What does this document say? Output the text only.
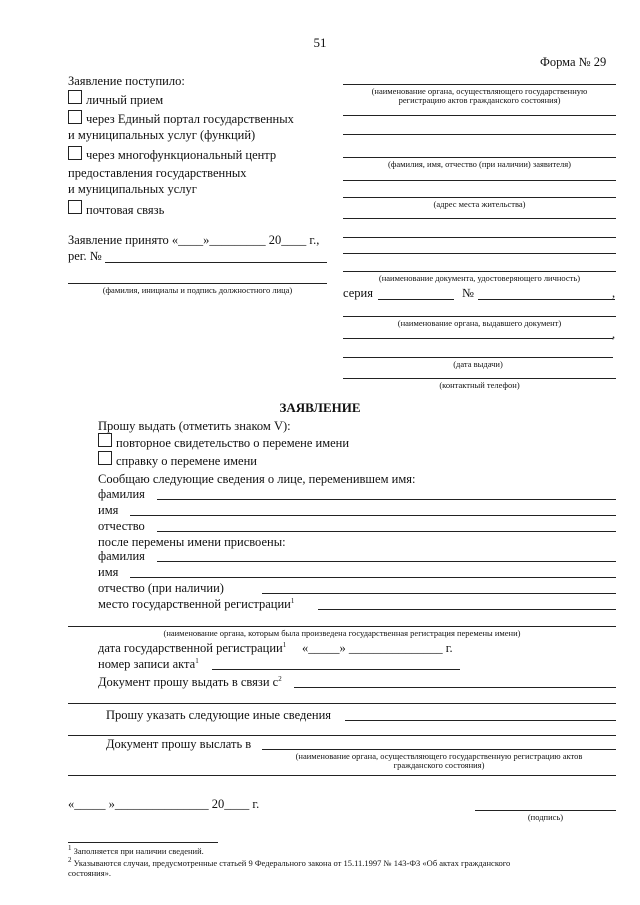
51
Форма № 29
Заявление поступило:
личный прием
через Единый портал государственных
и муниципальных услуг (функций)
через многофункциональный центр
предоставления государственных
и муниципальных услуг
почтовая связь
Заявление принято «____»_________ 20____ г.,
рег. №
(фамилия, инициалы и подпись должностного лица)
(наименование органа, осуществляющего государственную
регистрацию актов гражданского состояния)
(фамилия, имя, отчество (при наличии) заявителя)
(адрес места жительства)
(наименование документа, удостоверяющего личность)
серия	№	,
(наименование органа, выдавшего документ)
,
(дата выдачи)
(контактный телефон)
ЗАЯВЛЕНИЕ
Прошу выдать (отметить знаком V):
повторное свидетельство о перемене имени
справку о перемене имени
Сообщаю следующие сведения о лице, переменившем имя:
фамилия
имя
отчество
после перемены имени присвоены:
фамилия
имя
отчество (при наличии)
место государственной регистрации$^1$
(наименование органа, которым была произведена государственная регистрация перемены имени)
дата государственной регистрации$^1$ «_____» _______________ г.
номер записи акта$^1$
Документ прошу выдать в связи $с^2$
Прошу указать следующие иные сведения
Документ прошу выслать в
(наименование органа, осуществляющего государственную регистрацию актов
гражданского состояния)
«_____ »_______________ 20____ г.
(подпись)
$^1$ Заполняется при наличии сведений.
$^2$ Указываются случаи, предусмотренные статьей 9 Федерального закона от 15.11.1997 № 143-ФЗ «Об актах гражданского
состояния».
